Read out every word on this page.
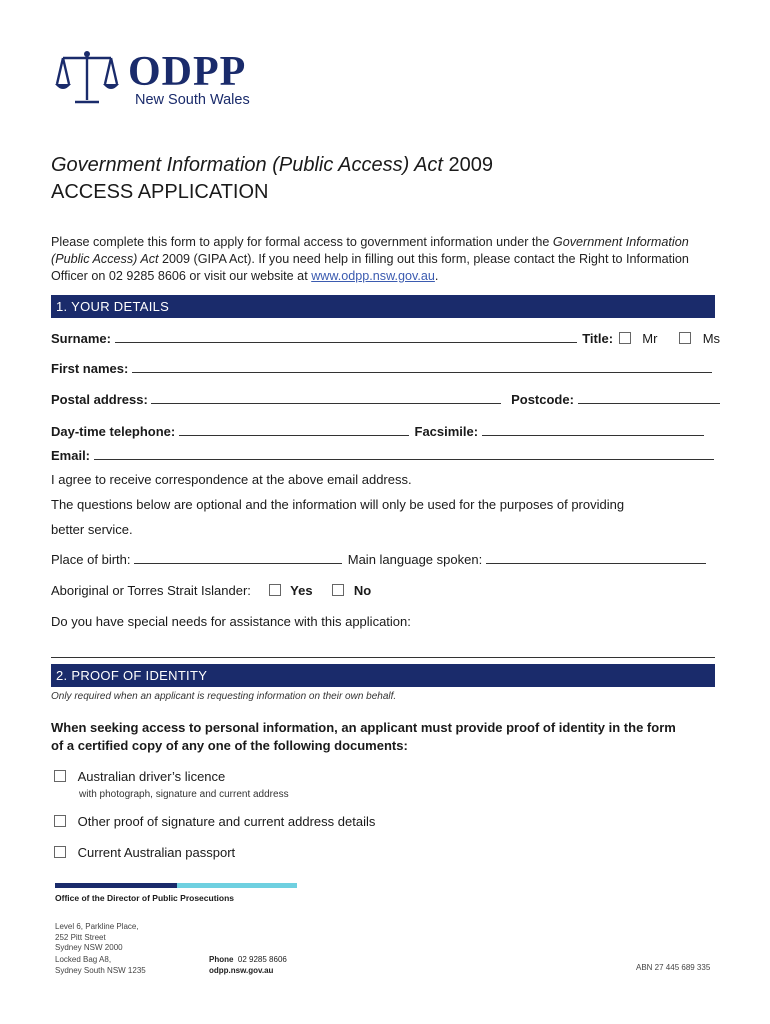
ODPP
New South Wales
Government Information (Public Access) Act 2009
ACCESS APPLICATION
Please complete this form to apply for formal access to government information under the Government Information (Public Access) Act 2009 (GIPA Act). If you need help in filling out this form, please contact the Right to Information Officer on 02 9285 8606 or visit our website at www.odpp.nsw.gov.au.
1. YOUR DETAILS
Surname:	Title: Mr	Ms
First names:
Postal address:	Postcode:
Day-time telephone:	Facsimile:
Email:
I agree to receive correspondence at the above email address.
The questions below are optional and the information will only be used for the purposes of providing
better service.
Place of birth:	Main language spoken:
Aboriginal or Torres Strait Islander:	Yes	No
Do you have special needs for assistance with this application:
2. PROOF OF IDENTITY
Only required when an applicant is requesting information on their own behalf.
When seeking access to personal information, an applicant must provide proof of identity in the form
of a certified copy of any one of the following documents:
Australian driver’s licence
with photograph, signature and current address
Other proof of signature and current address details
Current Australian passport
Office of the Director of Public Prosecutions
Level 6, Parkline Place,
252 Pitt Street
Sydney NSW 2000
Locked Bag A8,
Sydney South NSW 1235
Phone 02 9285 8606
odpp.nsw.gov.au	ABN 27 445 689 335
